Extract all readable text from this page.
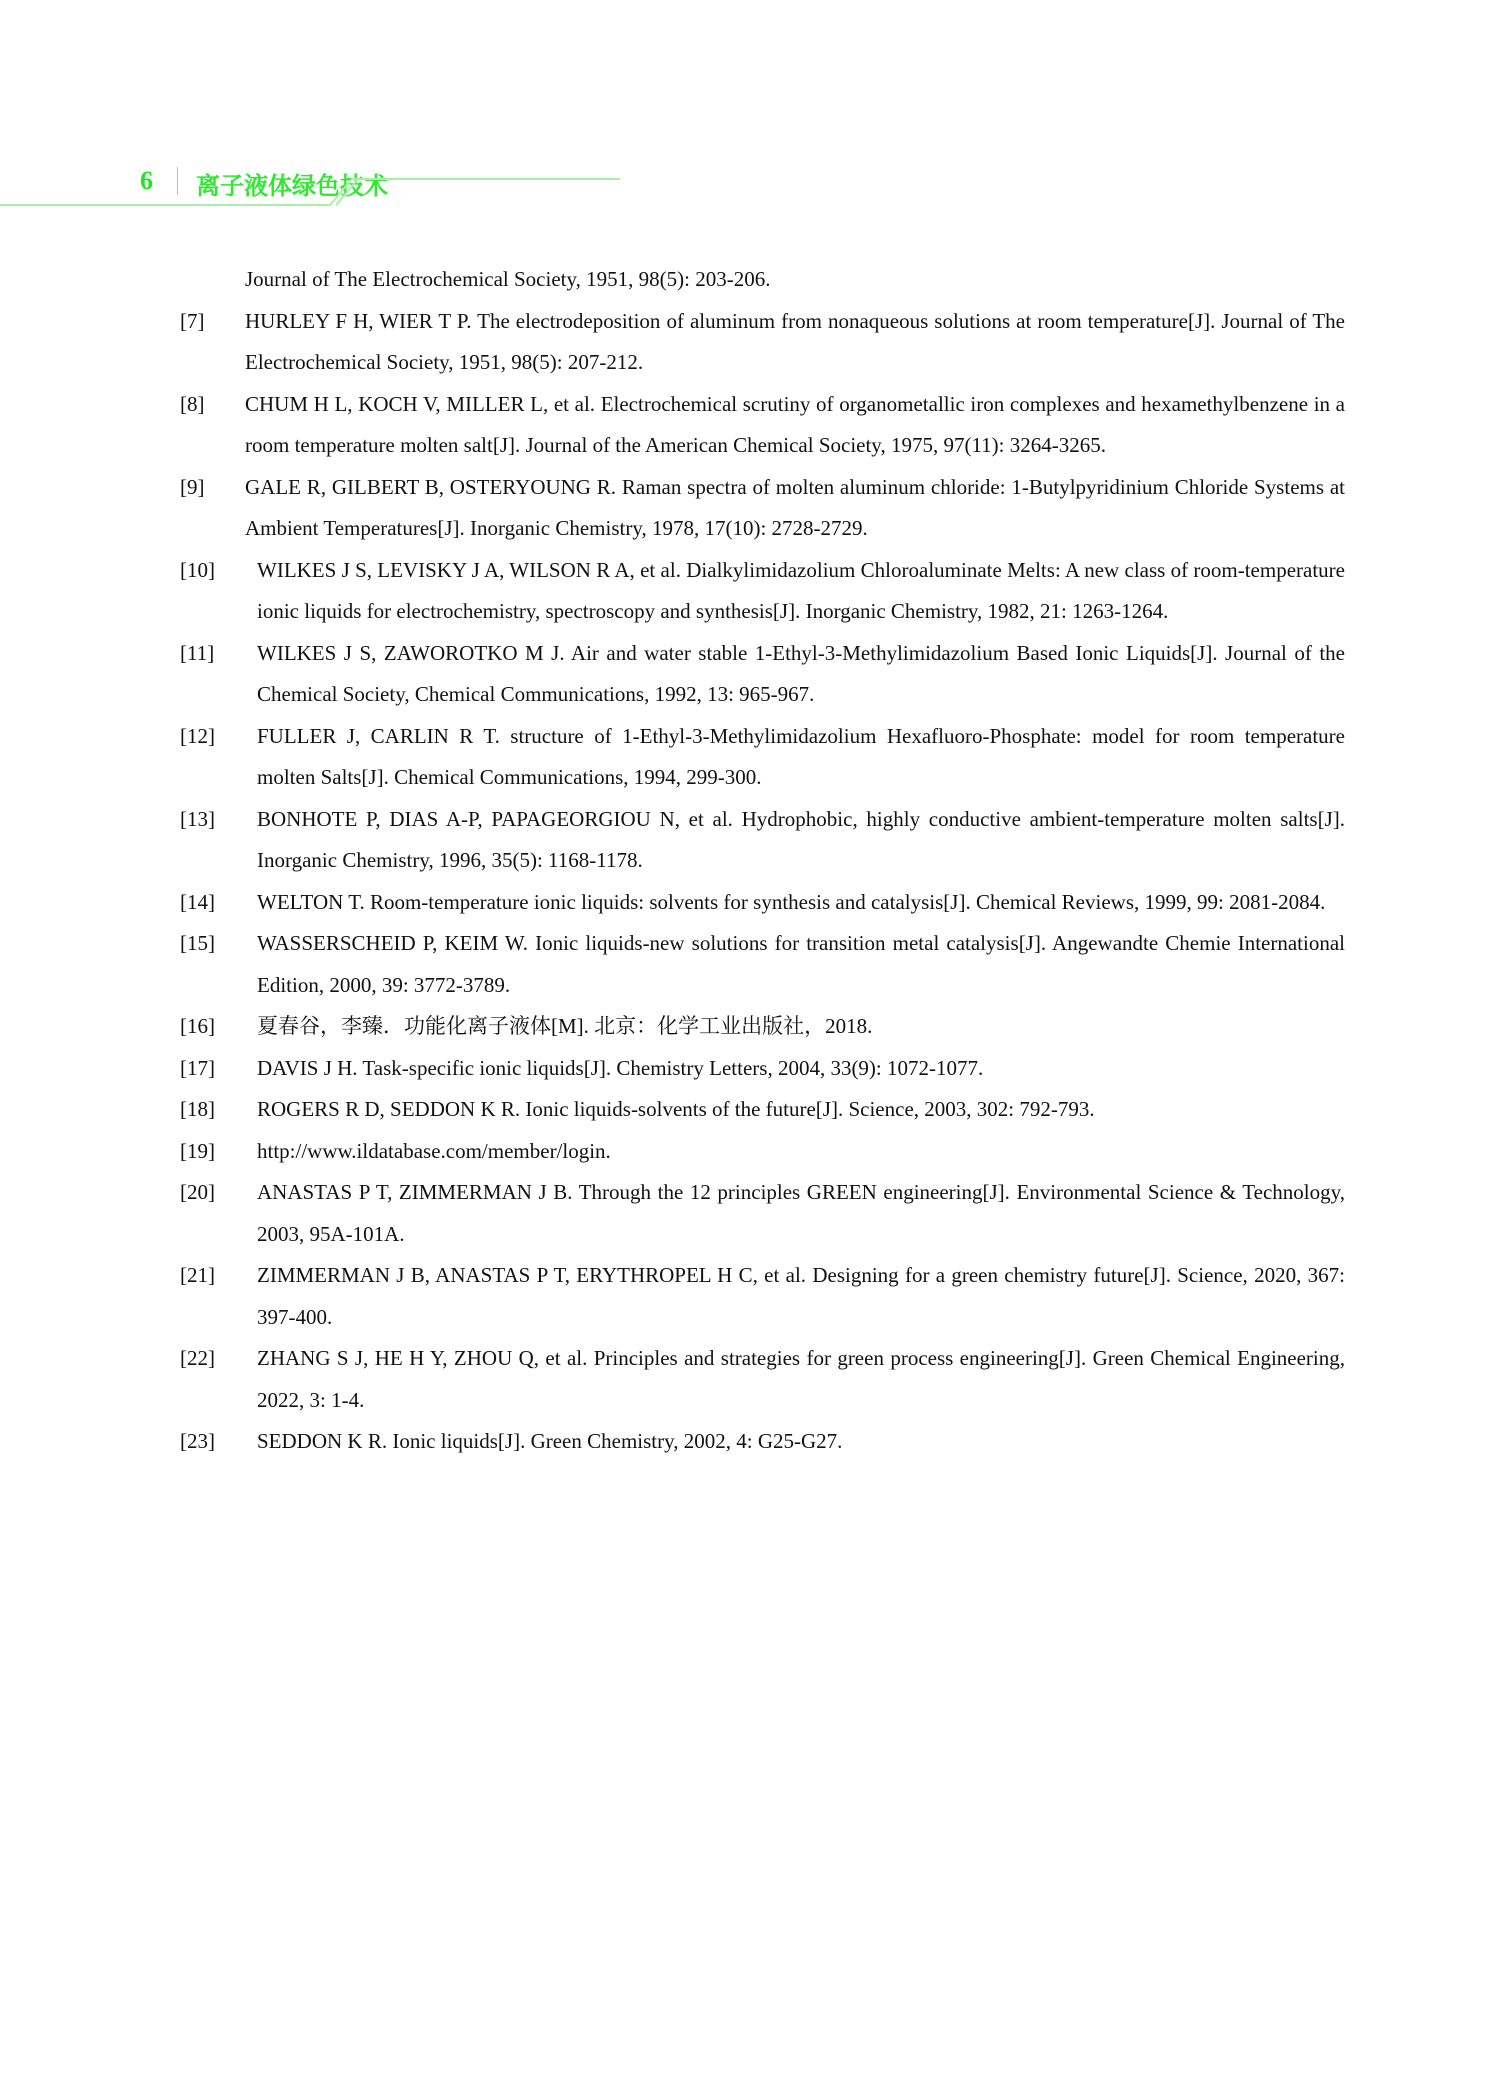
6 离子液体绿色技术
Journal of The Electrochemical Society, 1951, 98(5): 203-206.
[7] HURLEY F H, WIER T P. The electrodeposition of aluminum from nonaqueous solutions at room temperature[J]. Journal of The Electrochemical Society, 1951, 98(5): 207-212.
[8] CHUM H L, KOCH V, MILLER L, et al. Electrochemical scrutiny of organometallic iron complexes and hexamethylbenzene in a room temperature molten salt[J]. Journal of the American Chemical Society, 1975, 97(11): 3264-3265.
[9] GALE R, GILBERT B, OSTERYOUNG R. Raman spectra of molten aluminum chloride: 1-Butylpyridinium Chloride Systems at Ambient Temperatures[J]. Inorganic Chemistry, 1978, 17(10): 2728-2729.
[10] WILKES J S, LEVISKY J A, WILSON R A, et al. Dialkylimidazolium Chloroaluminate Melts: A new class of room-temperature ionic liquids for electrochemistry, spectroscopy and synthesis[J]. Inorganic Chemistry, 1982, 21: 1263-1264.
[11] WILKES J S, ZAWOROTKO M J. Air and water stable 1-Ethyl-3-Methylimidazolium Based Ionic Liquids[J]. Journal of the Chemical Society, Chemical Communications, 1992, 13: 965-967.
[12] FULLER J, CARLIN R T. structure of 1-Ethyl-3-Methylimidazolium Hexafluoro-Phosphate: model for room temperature molten Salts[J]. Chemical Communications, 1994, 299-300.
[13] BONHOTE P, DIAS A-P, PAPAGEORGIOU N, et al. Hydrophobic, highly conductive ambient-temperature molten salts[J]. Inorganic Chemistry, 1996, 35(5): 1168-1178.
[14] WELTON T. Room-temperature ionic liquids: solvents for synthesis and catalysis[J]. Chemical Reviews, 1999, 99: 2081-2084.
[15] WASSERSCHEID P, KEIM W. Ionic liquids-new solutions for transition metal catalysis[J]. Angewandte Chemie International Edition, 2000, 39: 3772-3789.
[16] 夏春谷，李臻．功能化离子液体[M]. 北京：化学工业出版社，2018.
[17] DAVIS J H. Task-specific ionic liquids[J]. Chemistry Letters, 2004, 33(9): 1072-1077.
[18] ROGERS R D, SEDDON K R. Ionic liquids-solvents of the future[J]. Science, 2003, 302: 792-793.
[19] http://www.ildatabase.com/member/login.
[20] ANASTAS P T, ZIMMERMAN J B. Through the 12 principles GREEN engineering[J]. Environmental Science & Technology, 2003, 95A-101A.
[21] ZIMMERMAN J B, ANASTAS P T, ERYTHROPEL H C, et al. Designing for a green chemistry future[J]. Science, 2020, 367: 397-400.
[22] ZHANG S J, HE H Y, ZHOU Q, et al. Principles and strategies for green process engineering[J]. Green Chemical Engineering, 2022, 3: 1-4.
[23] SEDDON K R. Ionic liquids[J]. Green Chemistry, 2002, 4: G25-G27.
